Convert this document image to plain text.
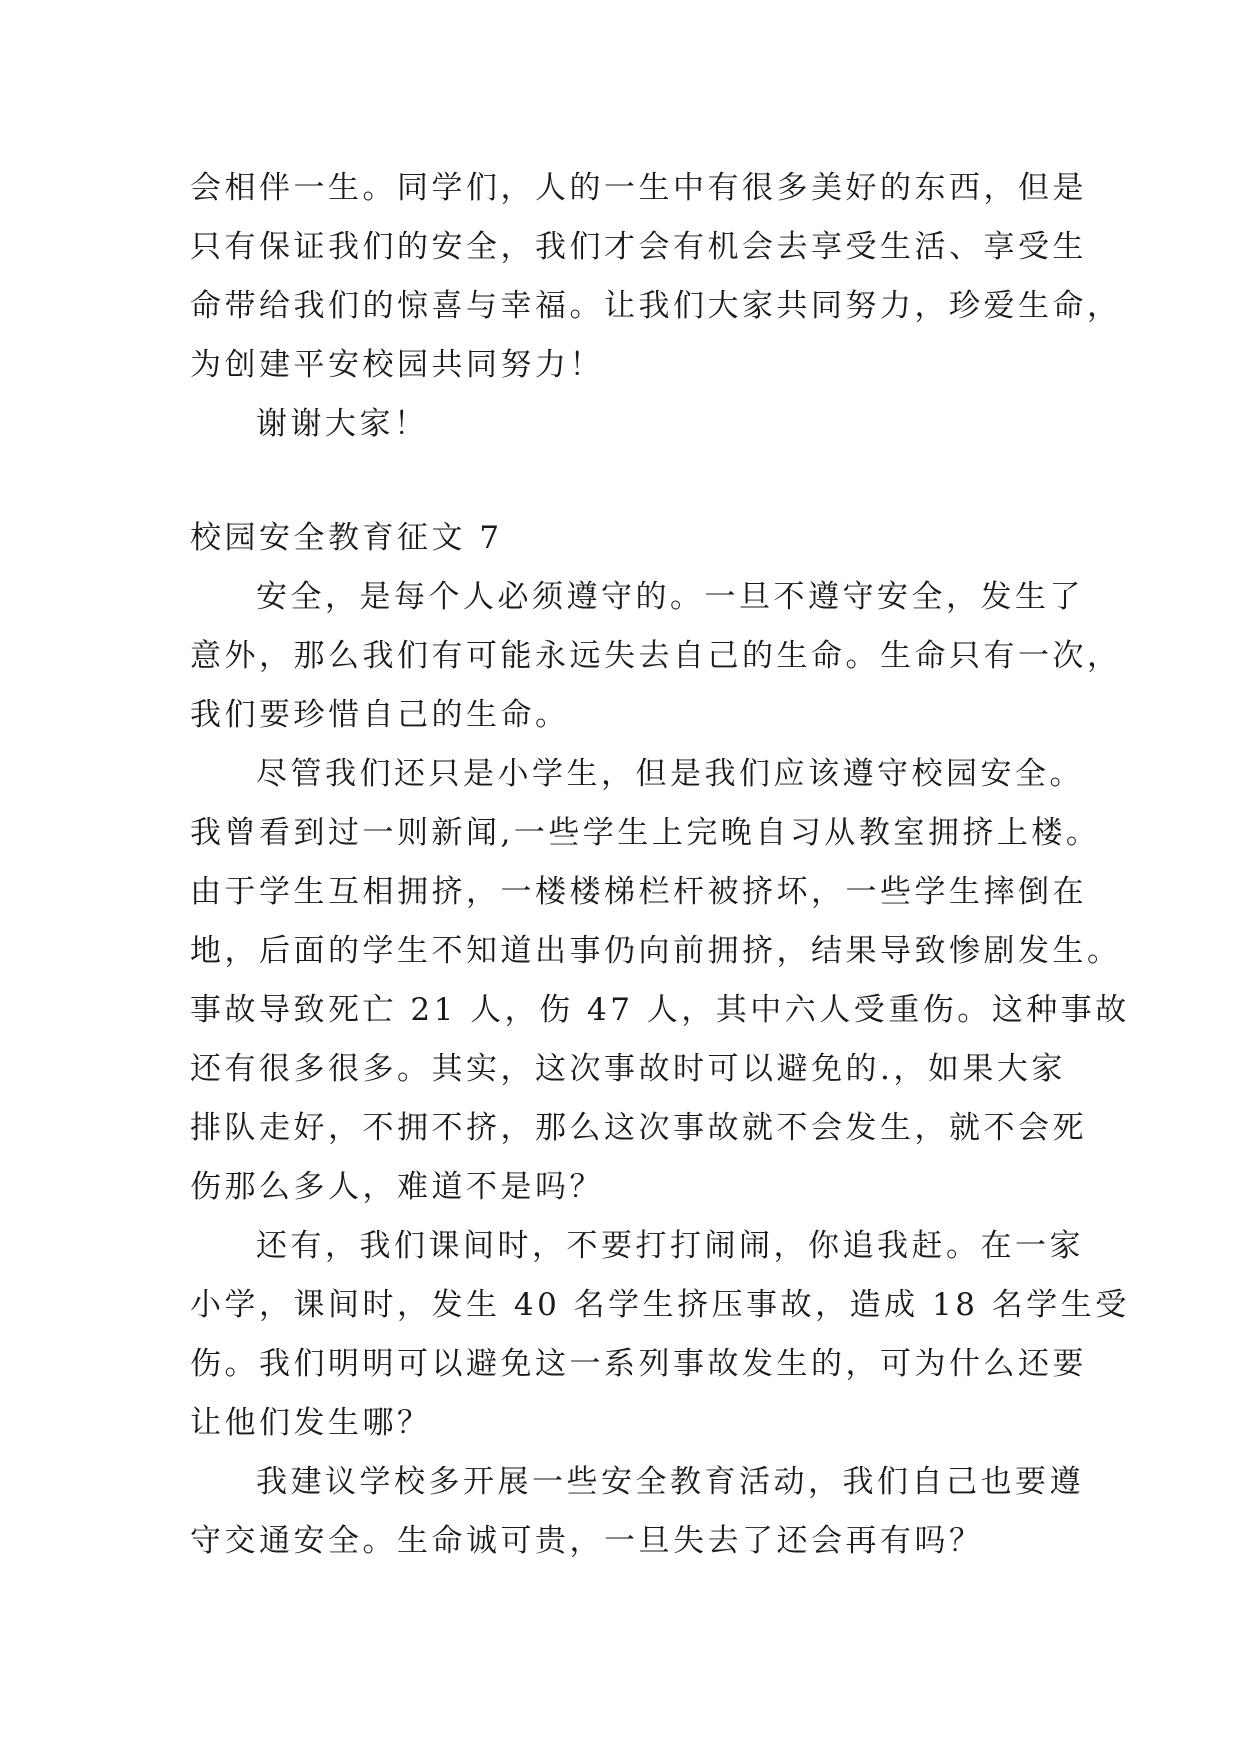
会相伴一生。同学们，人的一生中有很多美好的东西，但是
只有保证我们的安全，我们才会有机会去享受生活、享受生
命带给我们的惊喜与幸福。让我们大家共同努力，珍爱生命，
为创建平安校园共同努力！
谢谢大家！
校园安全教育征文 7
安全，是每个人必须遵守的。一旦不遵守安全，发生了
意外，那么我们有可能永远失去自己的生命。生命只有一次，
我们要珍惜自己的生命。
尽管我们还只是小学生，但是我们应该遵守校园安全。
我曾看到过一则新闻,一些学生上完晚自习从教室拥挤上楼。
由于学生互相拥挤，一楼楼梯栏杆被挤坏，一些学生摔倒在
地，后面的学生不知道出事仍向前拥挤，结果导致惨剧发生。
事故导致死亡 21 人，伤 47 人，其中六人受重伤。这种事故
还有很多很多。其实，这次事故时可以避免的.，如果大家
排队走好，不拥不挤，那么这次事故就不会发生，就不会死
伤那么多人，难道不是吗？
还有，我们课间时，不要打打闹闹，你追我赶。在一家
小学，课间时，发生 40 名学生挤压事故，造成 18 名学生受
伤。我们明明可以避免这一系列事故发生的，可为什么还要
让他们发生哪？
我建议学校多开展一些安全教育活动，我们自己也要遵
守交通安全。生命诚可贵，一旦失去了还会再有吗？
